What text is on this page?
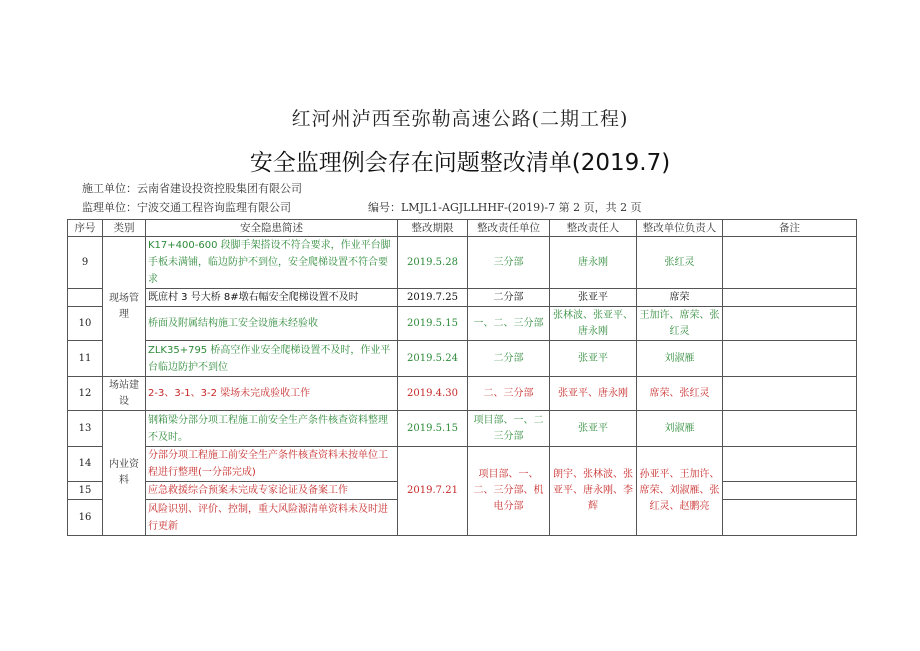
红河州泸西至弥勒高速公路(二期工程)
安全监理例会存在问题整改清单(2019.7)
施工单位：云南省建设投资控股集团有限公司
监理单位：宁波交通工程咨询监理有限公司	编号：LMJL1-AGJLLHHF-(2019)-7 第 2 页，共 2 页
序号	类别	安全隐患简述	整改期限	整改责任单位	整改责任人	整改单位负责人	备注
9	现场管理	K17+400-600 段脚手架搭设不符合要求，作业平台脚手板未满铺，临边防护不到位，安全爬梯设置不符合要求	2019.5.28	三分部	唐永刚	张红灵	
		既庶村 3 号大桥 8#墩右幅安全爬梯设置不及时	2019.7.25	二分部	张亚平	席荣	
10		桥面及附属结构施工安全设施未经验收	2019.5.15	一、二、三分部	张林波、张亚平、唐永刚	王加许、席荣、张红灵	
11		ZLK35+795 桥高空作业安全爬梯设置不及时，作业平台临边防护不到位	2019.5.24	二分部	张亚平	刘淑雁	
12	场站建设	2-3、3-1、3-2 梁场未完成验收工作	2019.4.30	二、三分部	张亚平、唐永刚	席荣、张红灵	
13	内业资料	钢箱梁分部分项工程施工前安全生产条件核查资料整理不及时。	2019.5.15	项目部、一、二三分部	张亚平	刘淑雁	
14		分部分项工程施工前安全生产条件核查资料未按单位工程进行整理(一分部完成)	2019.7.21	项目部、一、二、三分部、机电分部	朗宇、张林波、张亚平、唐永刚、李辉	孙亚平、王加许、席荣、刘淑雁、张红灵、赵鹏亮	
15		应急救援综合预案未完成专家论证及备案工作					
16		风险识别、评价、控制，重大风险源清单资料未及时进行更新					
